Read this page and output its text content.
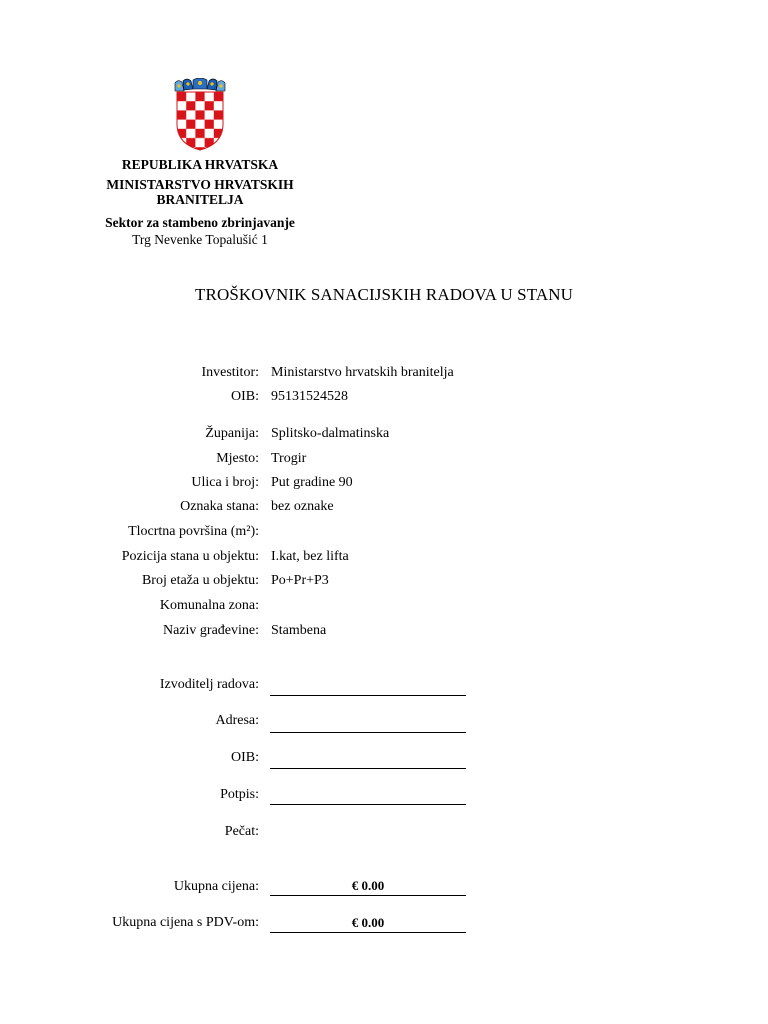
REPUBLIKA HRVATSKA
MINISTARSTVO HRVATSKIH
BRANITELJA
Sektor za stambeno zbrinjavanje
Trg Nevenke Topalušić 1
TROŠKOVNIK SANACIJSKIH RADOVA U STANU
Investitor: Ministarstvo hrvatskih branitelja
OIB: 95131524528
Županija: Splitsko-dalmatinska
Mjesto: Trogir
Ulica i broj: Put gradine 90
Oznaka stana: bez oznake
Tlocrtna površina (m²):
Pozicija stana u objektu: I.kat, bez lifta
Broj etaža u objektu: Po+Pr+P3
Komunalna zona:
Naziv građevine: Stambena
Izvoditelj radova:
Adresa:
OIB:
Potpis:
Pečat:
Ukupna cijena:	€ 0.00
Ukupna cijena s PDV-om:	€ 0.00
